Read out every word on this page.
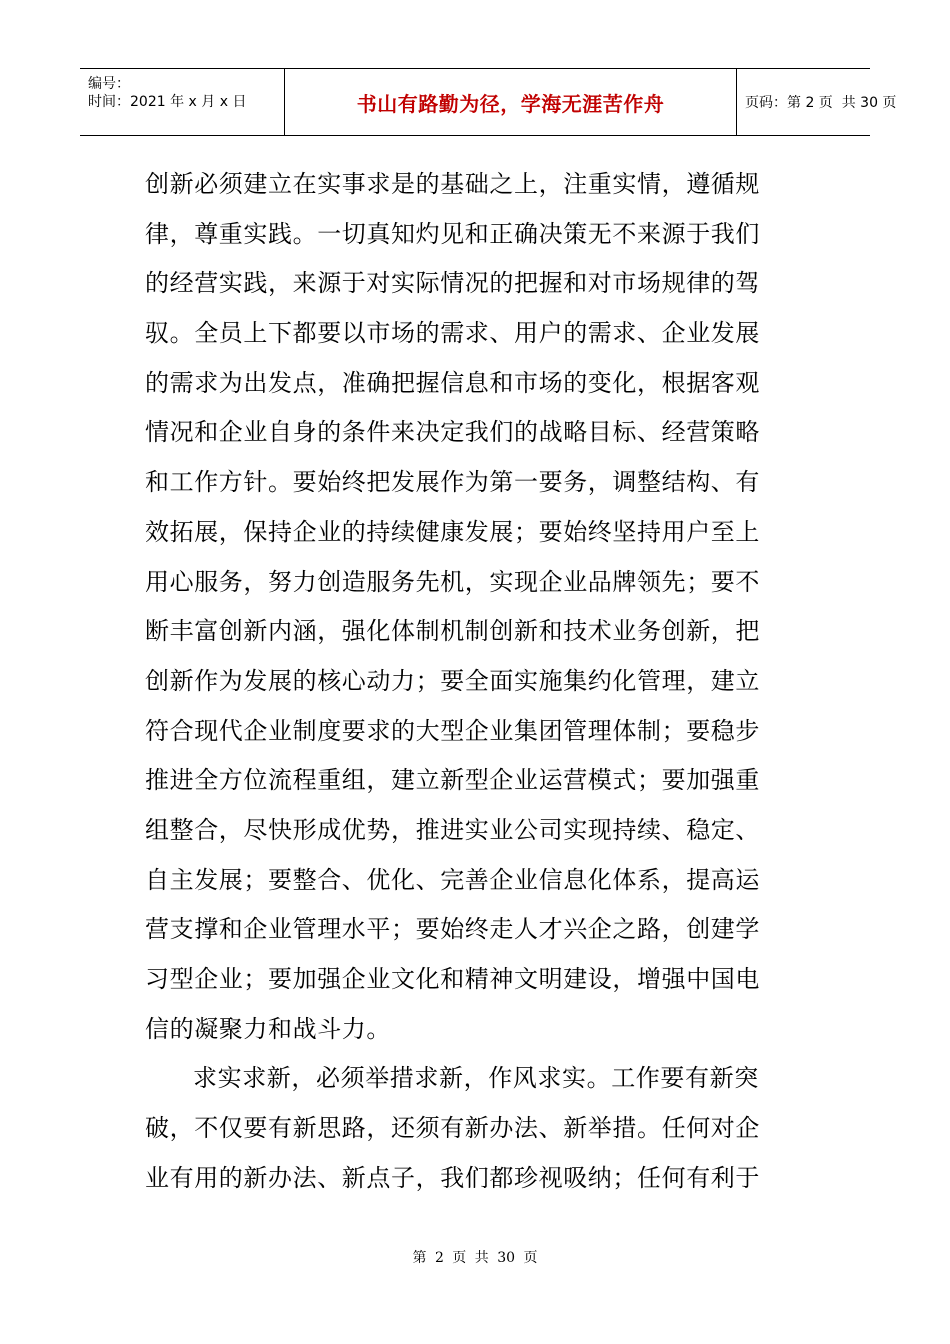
编号：
时间：2021 年 x 月 x 日	书山有路勤为径，学海无涯苦作舟	页码：第 2 页  共 30 页
创新必须建立在实事求是的基础之上，注重实情，遵循规
律，尊重实践。一切真知灼见和正确决策无不来源于我们
的经营实践，来源于对实际情况的把握和对市场规律的驾
驭。全员上下都要以市场的需求、用户的需求、企业发展
的需求为出发点，准确把握信息和市场的变化，根据客观
情况和企业自身的条件来决定我们的战略目标、经营策略
和工作方针。要始终把发展作为第一要务，调整结构、有
效拓展，保持企业的持续健康发展；要始终坚持用户至上
用心服务，努力创造服务先机，实现企业品牌领先；要不
断丰富创新内涵，强化体制机制创新和技术业务创新，把
创新作为发展的核心动力；要全面实施集约化管理，建立
符合现代企业制度要求的大型企业集团管理体制；要稳步
推进全方位流程重组，建立新型企业运营模式；要加强重
组整合，尽快形成优势，推进实业公司实现持续、稳定、
自主发展；要整合、优化、完善企业信息化体系，提高运
营支撑和企业管理水平；要始终走人才兴企之路，创建学
习型企业；要加强企业文化和精神文明建设，增强中国电
信的凝聚力和战斗力。
求实求新，必须举措求新，作风求实。工作要有新突
破，不仅要有新思路，还须有新办法、新举措。任何对企
业有用的新办法、新点子，我们都珍视吸纳；任何有利于
第 2 页 共 30 页
